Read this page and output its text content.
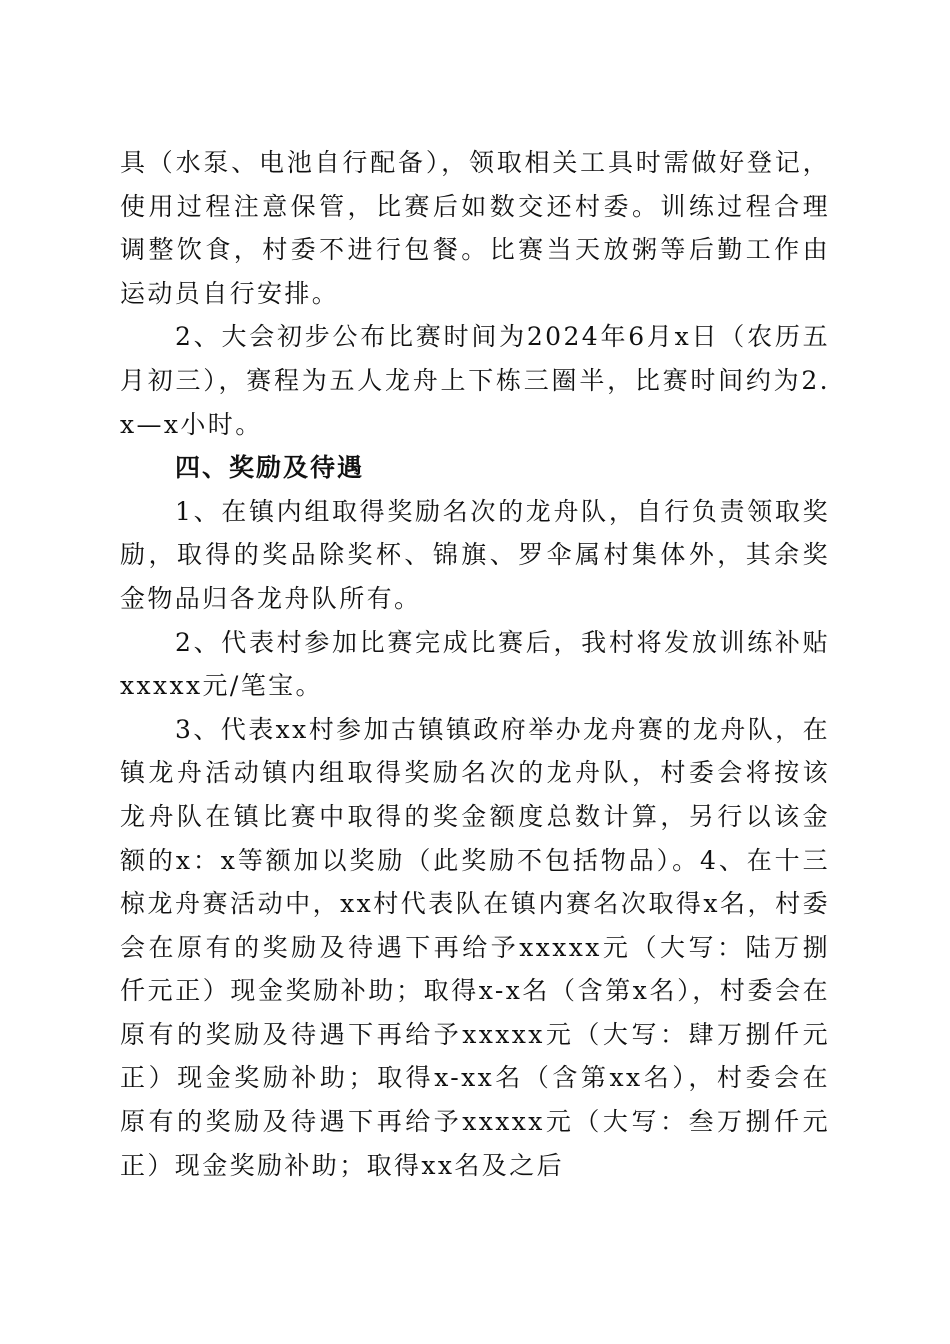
具（水泵、电池自行配备），领取相关工具时需做好登记，使用过程注意保管，比赛后如数交还村委。训练过程合理调整饮食，村委不进行包餐。比赛当天放粥等后勤工作由运动员自行安排。

2、大会初步公布比赛时间为2024年6月x日（农历五月初三），赛程为五人龙舟上下栋三圈半，比赛时间约为2.x—x小时。

四、奖励及待遇

1、在镇内组取得奖励名次的龙舟队，自行负责领取奖励，取得的奖品除奖杯、锦旗、罗伞属村集体外，其余奖金物品归各龙舟队所有。

2、代表村参加比赛完成比赛后，我村将发放训练补贴xxxxx元/笔宝。

3、代表xx村参加古镇镇政府举办龙舟赛的龙舟队，在镇龙舟活动镇内组取得奖励名次的龙舟队，村委会将按该龙舟队在镇比赛中取得的奖金额度总数计算，另行以该金额的x：x等额加以奖励（此奖励不包括物品）。4、在十三椋龙舟赛活动中，xx村代表队在镇内赛名次取得x名，村委会在原有的奖励及待遇下再给予xxxxx元（大写：陆万捌仟元正）现金奖励补助；取得x-x名（含第x名），村委会在原有的奖励及待遇下再给予xxxxx元（大写：肆万捌仟元正）现金奖励补助；取得x-xx名（含第xx名），村委会在原有的奖励及待遇下再给予xxxxx元（大写：叁万捌仟元正）现金奖励补助；取得xx名及之后
